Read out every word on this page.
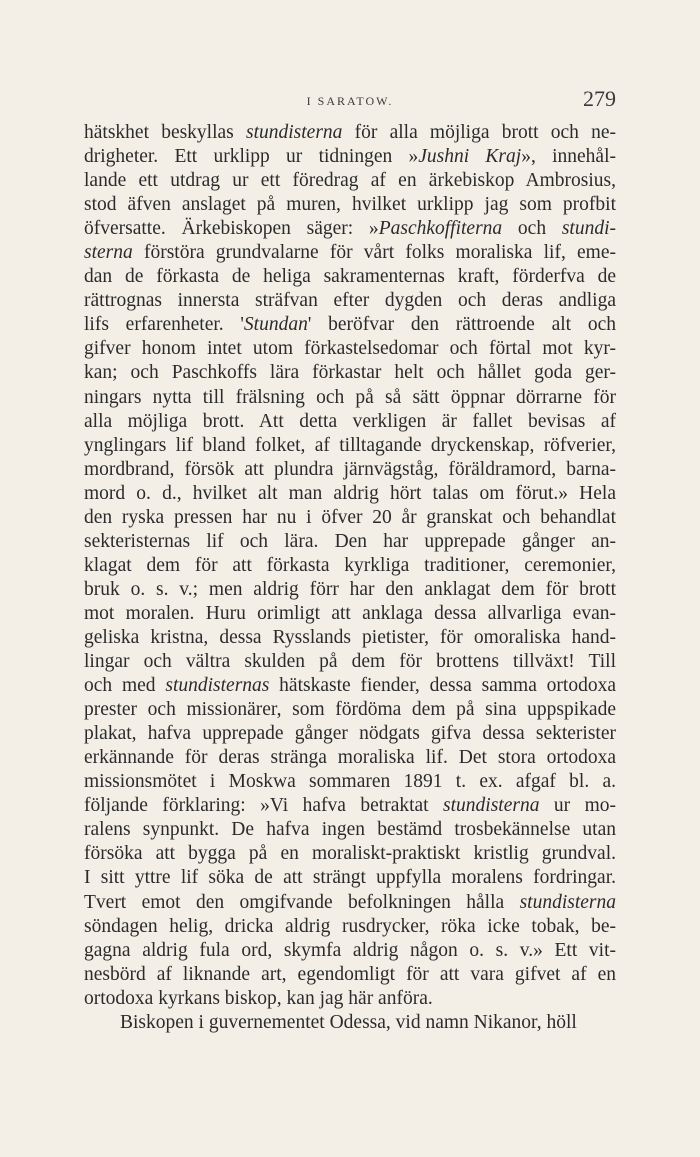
I SARATOW.	279
hätskhet beskyllas stundisterna för alla möjliga brott och ne-
drigheter. Ett urklipp ur tidningen »Jushni Kraj», innehål-
lande ett utdrag ur ett föredrag af en ärkebiskop Ambrosius,
stod äfven anslaget på muren, hvilket urklipp jag som profbit
öfversatte. Ärkebiskopen säger: »Paschkoffiterna och stundi-
sterna förstöra grundvalarne för vårt folks moraliska lif, eme-
dan de förkasta de heliga sakramenternas kraft, förderfva de
rättrognas innersta sträfvan efter dygden och deras andliga
lifs erfarenheter. 'Stundan' beröfvar den rättroende alt och
gifver honom intet utom förkastelsedomar och förtal mot kyr-
kan; och Paschkoffs lära förkastar helt och hållet goda ger-
ningars nytta till frälsning och på så sätt öppnar dörrarne för
alla möjliga brott. Att detta verkligen är fallet bevisas af
ynglingars lif bland folket, af tilltagande dryckenskap, röfverier,
mordbrand, försök att plundra järnvägståg, föräldramord, barna-
mord o. d., hvilket alt man aldrig hört talas om förut.» Hela
den ryska pressen har nu i öfver 20 år granskat och behandlat
sekteristernas lif och lära. Den har upprepade gånger an-
klagat dem för att förkasta kyrkliga traditioner, ceremonier,
bruk o. s. v.; men aldrig förr har den anklagat dem för brott
mot moralen. Huru orimligt att anklaga dessa allvarliga evan-
geliska kristna, dessa Rysslands pietister, för omoraliska hand-
lingar och vältra skulden på dem för brottens tillväxt! Till
och med stundisternas hätskaste fiender, dessa samma ortodoxa
prester och missionärer, som fördöma dem på sina uppspikade
plakat, hafva upprepade gånger nödgats gifva dessa sekterister
erkännande för deras stränga moraliska lif. Det stora ortodoxa
missionsmötet i Moskwa sommaren 1891 t. ex. afgaf bl. a.
följande förklaring: »Vi hafva betraktat stundisterna ur mo-
ralens synpunkt. De hafva ingen bestämd trosbekännelse utan
försöka att bygga på en moraliskt-praktiskt kristlig grundval.
I sitt yttre lif söka de att strängt uppfylla moralens fordringar.
Tvert emot den omgifvande befolkningen hålla stundisterna
söndagen helig, dricka aldrig rusdrycker, röka icke tobak, be-
gagna aldrig fula ord, skymfa aldrig någon o. s. v.» Ett vit-
nesbörd af liknande art, egendomligt för att vara gifvet af en
ortodoxa kyrkans biskop, kan jag här anföra.
Biskopen i guvernementet Odessa, vid namn Nikanor, höll
